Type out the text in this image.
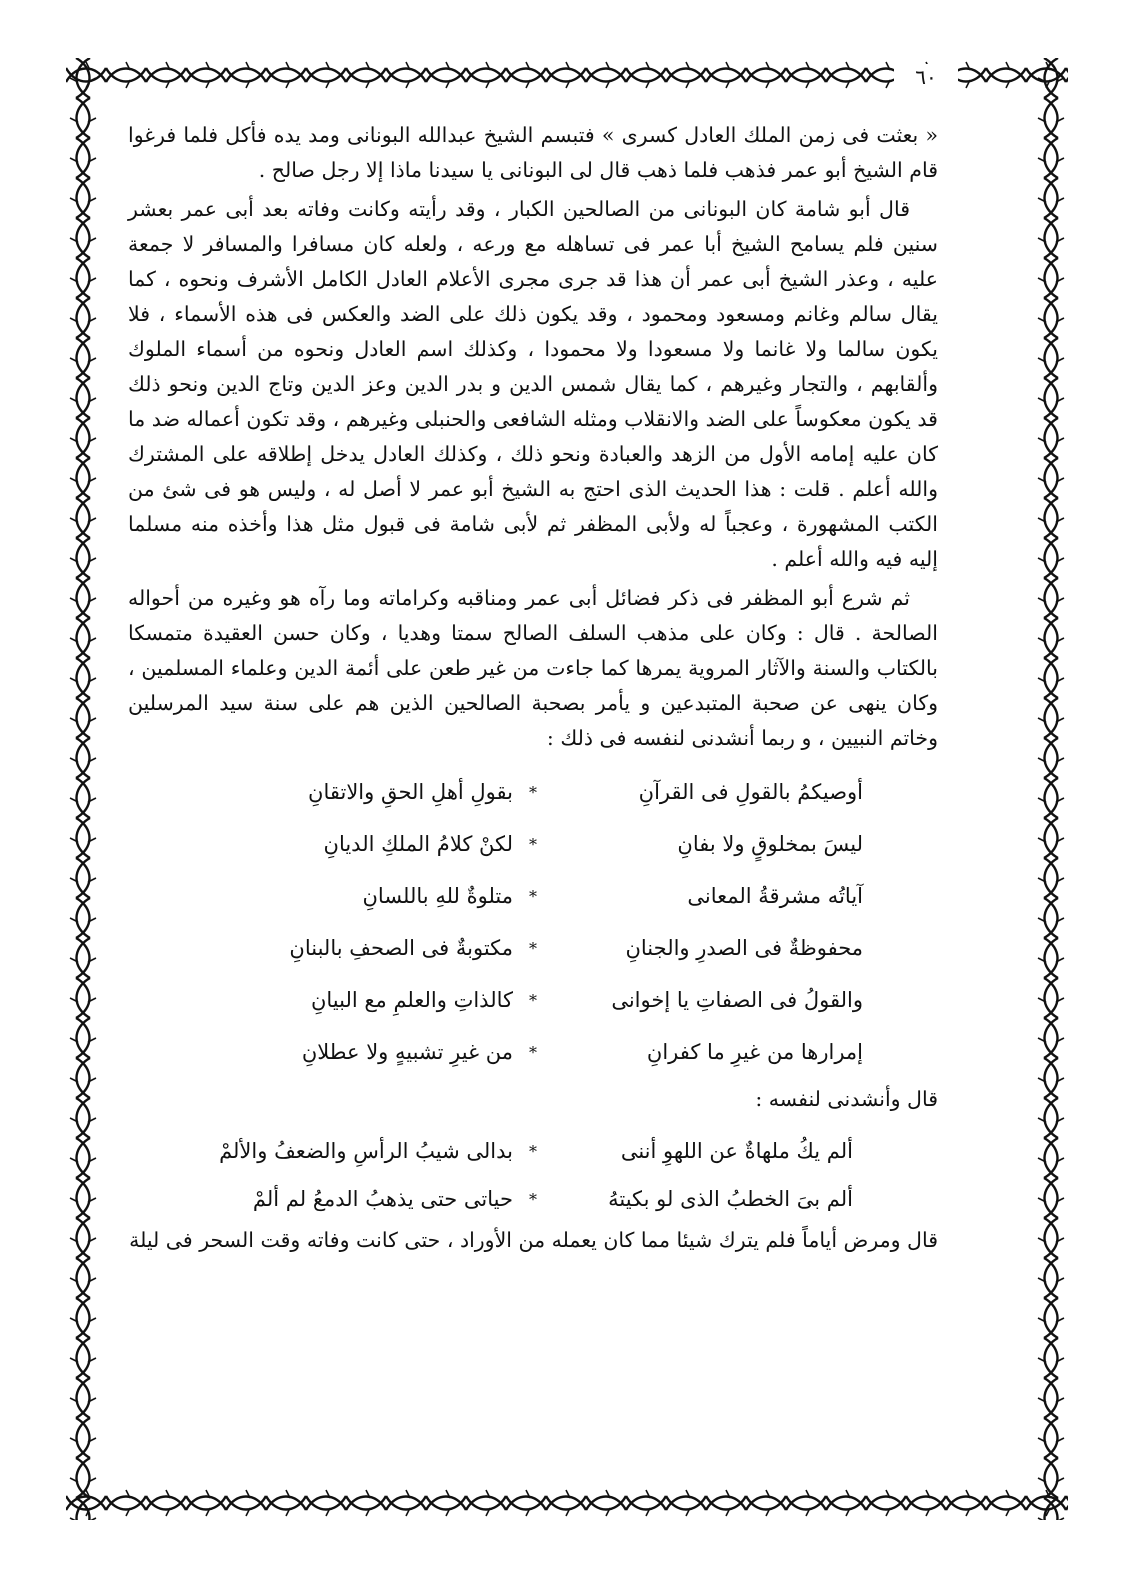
٦٠

« بعثت فى زمن الملك العادل كسرى » فتبسم الشيخ عبدالله البونانى ومد يده فأكل فلما فرغوا قام الشيخ أبو عمر فذهب فلما ذهب قال لى البونانى يا سيدنا ماذا إلا رجل صالح .

قال أبو شامة كان البونانى من الصالحين الكبار ، وقد رأيته وكانت وفاته بعد أبى عمر بعشر سنين فلم يسامح الشيخ أبا عمر فى تساهله مع ورعه ، ولعله كان مسافرا والمسافر لا جمعة عليه ، وعذر الشيخ أبى عمر أن هذا قد جرى مجرى الأعلام العادل الكامل الأشرف ونحوه ، كما يقال سالم وغانم ومسعود ومحمود ، وقد يكون ذلك على الضد والعكس فى هذه الأسماء ، فلا يكون سالما ولا غانما ولا مسعودا ولا محمودا ، وكذلك اسم العادل ونحوه من أسماء الملوك وألقابهم ، والتجار وغيرهم ، كما يقال شمس الدين و بدر الدين وعز الدين وتاج الدين ونحو ذلك قد يكون معكوساً على الضد والانقلاب ومثله الشافعى والحنبلى وغيرهم ، وقد تكون أعماله ضد ما كان عليه إمامه الأول من الزهد والعبادة ونحو ذلك ، وكذلك العادل يدخل إطلاقه على المشترك والله أعلم . قلت : هذا الحديث الذى احتج به الشيخ أبو عمر لا أصل له ، وليس هو فى شئ من الكتب المشهورة ، وعجباً له ولأبى المظفر ثم لأبى شامة فى قبول مثل هذا وأخذه منه مسلما إليه فيه والله أعلم .

ثم شرع أبو المظفر فى ذكر فضائل أبى عمر ومناقبه وكراماته وما رآه هو وغيره من أحواله الصالحة . قال : وكان على مذهب السلف الصالح سمتا وهديا ، وكان حسن العقيدة متمسكا بالكتاب والسنة والآثار المروية يمرها كما جاءت من غير طعن على أئمة الدين وعلماء المسلمين ، وكان ينهى عن صحبة المتبدعين و يأمر بصحبة الصالحين الذين هم على سنة سيد المرسلين وخاتم النبيين ، و ربما أنشدنى لنفسه فى ذلك :

أوصيكمُ بالقولِ فى القرآنِ
*
بقولِ أهلِ الحقِ والاتقانِ
ليسَ بمخلوقٍ ولا بفانِ
*
لكنْ كلامُ الملكِ الديانِ
آياتُه مشرقةُ المعانى
*
متلوةٌ للهِ باللسانِ
محفوظةٌ فى الصدرِ والجنانِ
*
مكتوبةٌ فى الصحفِ بالبنانِ
والقولُ فى الصفاتِ يا إخوانى
*
كالذاتِ والعلمِ مع البيانِ
إمرارها من غيرِ ما كفرانِ
*
من غيرِ تشبيهٍ ولا عطلانِ

قال وأنشدنى لنفسه :

ألم يكُ ملهاةٌ عن اللهوِ أننى
*
بدالى شيبُ الرأسِ والضعفُ والألمْ
ألم بىَ الخطبُ الذى لو بكيتهُ
*
حياتى حتى يذهبُ الدمعُ لم ألمْ

قال ومرض أياماً فلم يترك شيئا مما كان يعمله من الأوراد ، حتى كانت وفاته وقت السحر فى ليلة
